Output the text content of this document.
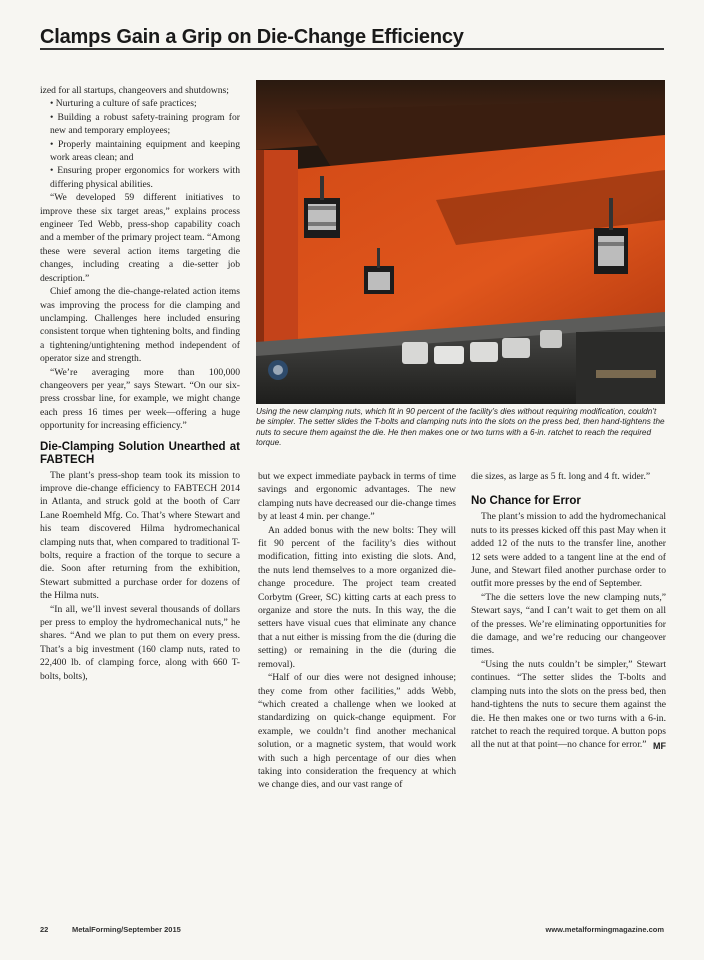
Clamps Gain a Grip on Die-Change Efficiency

ized for all startups, changeovers and shutdowns;

• Nurturing a culture of safe practices;

• Building a robust safety-training program for new and temporary employees;

• Properly maintaining equipment and keeping work areas clean; and

• Ensuring proper ergonomics for workers with differing physical abilities.

“We developed 59 different initiatives to improve these six target areas,” explains process engineer Ted Webb, press-shop capability coach and a member of the primary project team. “Among these were several action items targeting die changes, including creating a die-setter job description.”

Chief among the die-change-related action items was improving the process for die clamping and unclamping. Challenges here included ensuring consistent torque when tightening bolts, and finding a tightening/untightening method independent of operator size and strength.

“We’re averaging more than 100,000 changeovers per year,” says Stewart. “On our six-press crossbar line, for example, we might change each press 16 times per week—offering a huge opportunity for increasing efficiency.”

Die-Clamping Solution Unearthed at FABTECH

The plant’s press-shop team took its mission to improve die-change efficiency to FABTECH 2014 in Atlanta, and struck gold at the booth of Carr Lane Roemheld Mfg. Co. That’s where Stewart and his team discovered Hilma hydromechanical clamping nuts that, when compared to traditional T-bolts, require a fraction of the torque to secure a die. Soon after returning from the exhibition, Stewart submitted a purchase order for dozens of the Hilma nuts.

“In all, we’ll invest several thousands of dollars per press to employ the hydromechanical nuts,” he shares. “And we plan to put them on every press. That’s a big investment (160 clamp nuts, rated to 22,400 lb. of clamping force, along with 660 T-bolts, bolts),

Using the new clamping nuts, which fit in 90 percent of the facility’s dies without requiring modification, couldn’t be simpler. The setter slides the T-bolts and clamping nuts into the slots on the press bed, then hand-tightens the nuts to secure them against the die. He then makes one or two turns with a 6-in. ratchet to reach the required torque.

but we expect immediate payback in terms of time savings and ergonomic advantages. The new clamping nuts have decreased our die-change times by at least 4 min. per change.”

An added bonus with the new bolts: They will fit 90 percent of the facility’s dies without modification, fitting into existing die slots. And, the nuts lend themselves to a more organized die-change procedure. The project team created Corbytm (Greer, SC) kitting carts at each press to organize and store the nuts. In this way, the die setters have visual cues that eliminate any chance that a nut either is missing from the die (during die setting) or remaining in the die (during die removal).

“Half of our dies were not designed inhouse; they come from other facilities,” adds Webb, “which created a challenge when we looked at standardizing on quick-change equipment. For example, we couldn’t find another mechanical solution, or a magnetic system, that would work with such a high percentage of our dies when taking into consideration the frequency at which we change dies, and our vast range of

die sizes, as large as 5 ft. long and 4 ft. wider.”

No Chance for Error

The plant’s mission to add the hydromechanical nuts to its presses kicked off this past May when it added 12 of the nuts to the transfer line, another 12 sets were added to a tangent line at the end of June, and Stewart filed another purchase order to outfit more presses by the end of September.

“The die setters love the new clamping nuts,” Stewart says, “and I can’t wait to get them on all of the presses. We’re eliminating opportunities for die damage, and we’re reducing our changeover times.

“Using the nuts couldn’t be simpler,” Stewart continues. “The setter slides the T-bolts and clamping nuts into the slots on the press bed, then hand-tightens the nuts to secure them against the die. He then makes one or two turns with a 6-in. ratchet to reach the required torque. A button pops all the nut at that point—no chance for error.” MF
22	MetalForming/September 2015	www.metalformingmagazine.com
